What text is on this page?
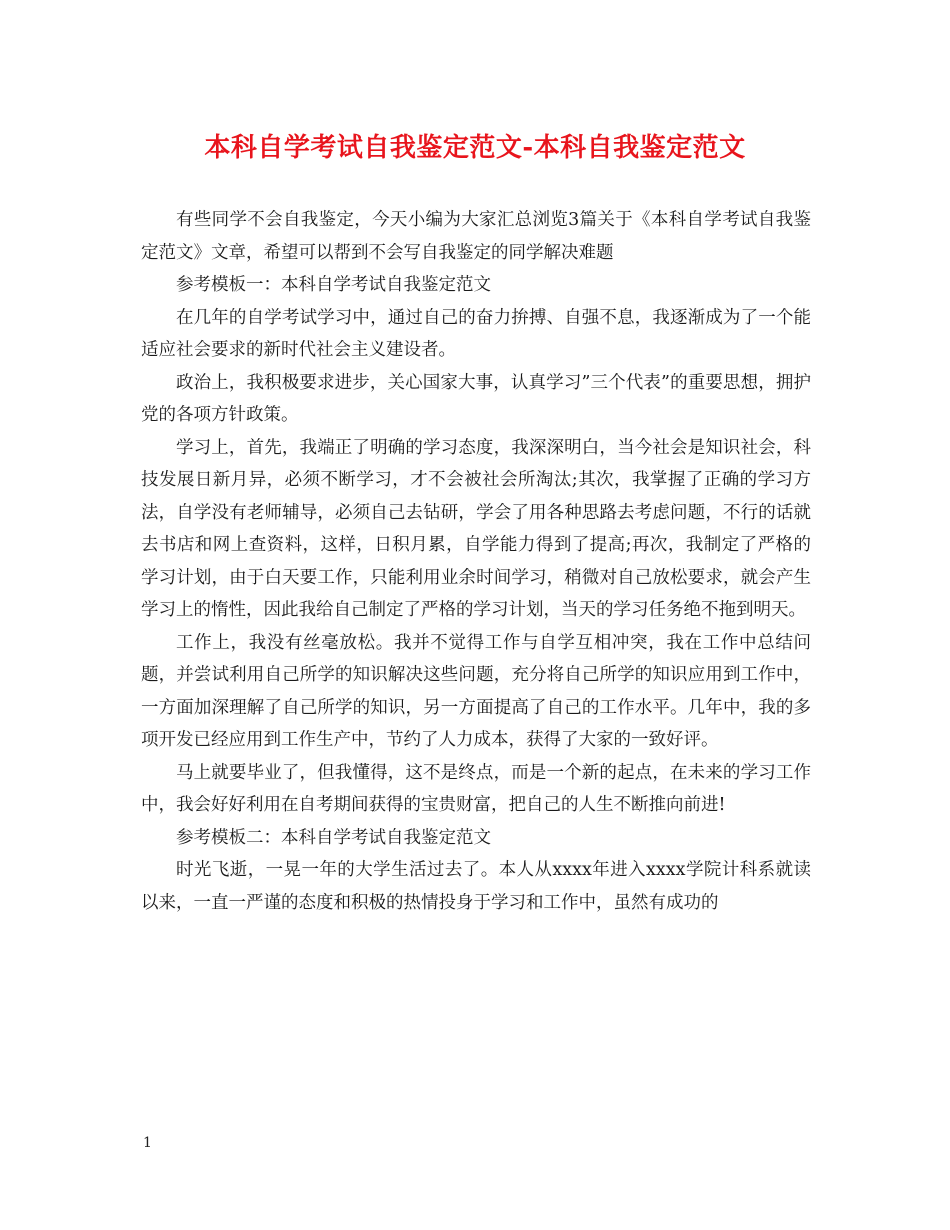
本科自学考试自我鉴定范文-本科自我鉴定范文

有些同学不会自我鉴定，今天小编为大家汇总浏览3篇关于《本科自学考试自我鉴定范文》文章，希望可以帮到不会写自我鉴定的同学解决难题

参考模板一：本科自学考试自我鉴定范文

在几年的自学考试学习中，通过自己的奋力拚搏、自强不息，我逐渐成为了一个能适应社会要求的新时代社会主义建设者。

政治上，我积极要求进步，关心国家大事，认真学习”三个代表”的重要思想，拥护党的各项方针政策。

学习上，首先，我端正了明确的学习态度，我深深明白，当今社会是知识社会，科技发展日新月异，必须不断学习，才不会被社会所淘汰;其次，我掌握了正确的学习方法，自学没有老师辅导，必须自己去钻研，学会了用各种思路去考虑问题，不行的话就去书店和网上查资料，这样，日积月累，自学能力得到了提高;再次，我制定了严格的学习计划，由于白天要工作，只能利用业余时间学习，稍微对自己放松要求，就会产生学习上的惰性，因此我给自己制定了严格的学习计划，当天的学习任务绝不拖到明天。

工作上，我没有丝毫放松。我并不觉得工作与自学互相冲突，我在工作中总结问题，并尝试利用自己所学的知识解决这些问题，充分将自己所学的知识应用到工作中，一方面加深理解了自己所学的知识，另一方面提高了自己的工作水平。几年中，我的多项开发已经应用到工作生产中，节约了人力成本，获得了大家的一致好评。

马上就要毕业了，但我懂得，这不是终点，而是一个新的起点，在未来的学习工作中，我会好好利用在自考期间获得的宝贵财富，把自己的人生不断推向前进!

参考模板二：本科自学考试自我鉴定范文

时光飞逝，一晃一年的大学生活过去了。本人从xxxx年进入xxxx学院计科系就读以来，一直一严谨的态度和积极的热情投身于学习和工作中，虽然有成功的

1
